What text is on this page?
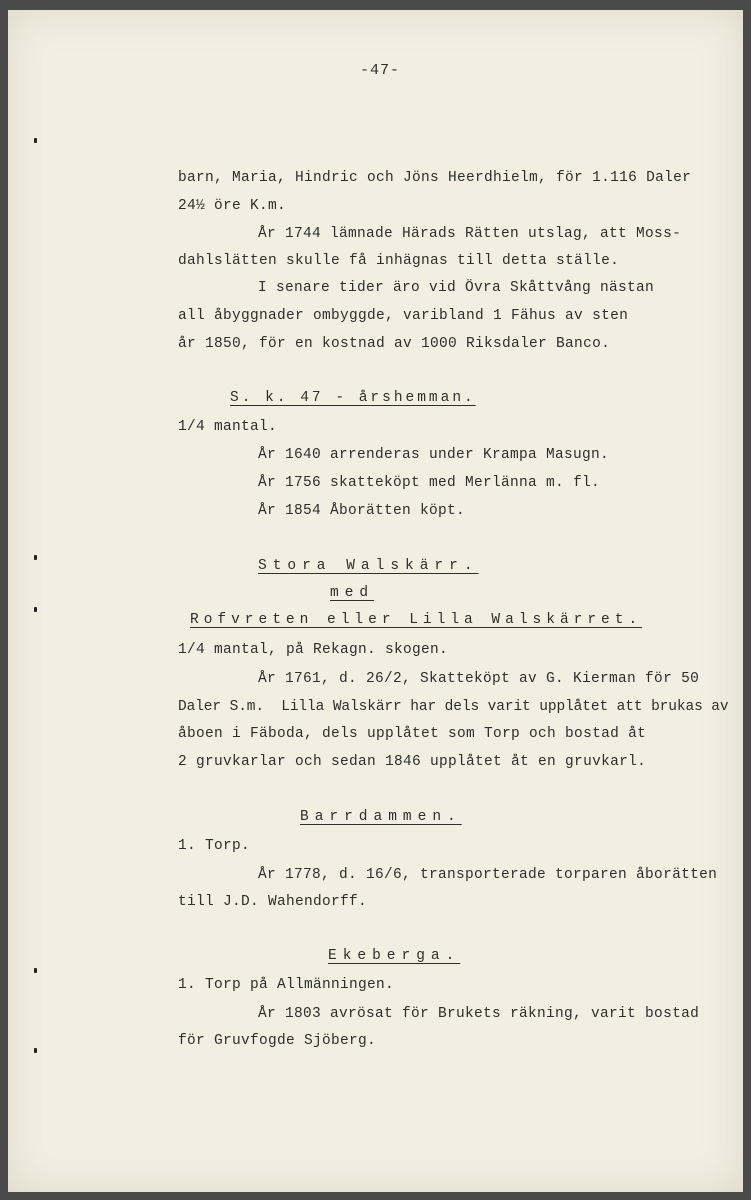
-47-
barn, Maria, Hindric och Jöns Heerdhielm, för 1.116 Daler
24½ öre K.m.
År 1744 lämnade Härads Rätten utslag, att Moss-
dahlslätten skulle få inhägnas till detta ställe.
I senare tider äro vid Övra Skåttvång nästan
all åbyggnader ombyggde, varibland 1 Fähus av sten
år 1850, för en kostnad av 1000 Riksdaler Banco.
S. k. 47 - årshemman.
1/4 mantal.
År 1640 arrenderas under Krampa Masugn.
År 1756 skatteköpt med Merlänna m. fl.
År 1854 Åborätten köpt.
Stora Walskärr.
med
Rofvreten eller Lilla Walskärret.
1/4 mantal, på Rekagn. skogen.
År 1761, d. 26/2, Skatteköpt av G. Kierman för 50
Daler S.m.  Lilla Walskärr har dels varit upplåtet att brukas av
åboen i Fäboda, dels upplåtet som Torp och bostad åt
2 gruvkarlar och sedan 1846 upplåtet åt en gruvkarl.
Barrdammen.
1. Torp.
År 1778, d. 16/6, transporterade torparen åborätten
till J.D. Wahendorff.
Ekeberga.
1. Torp på Allmänningen.
År 1803 avrösat för Brukets räkning, varit bostad
för Gruvfogde Sjöberg.
